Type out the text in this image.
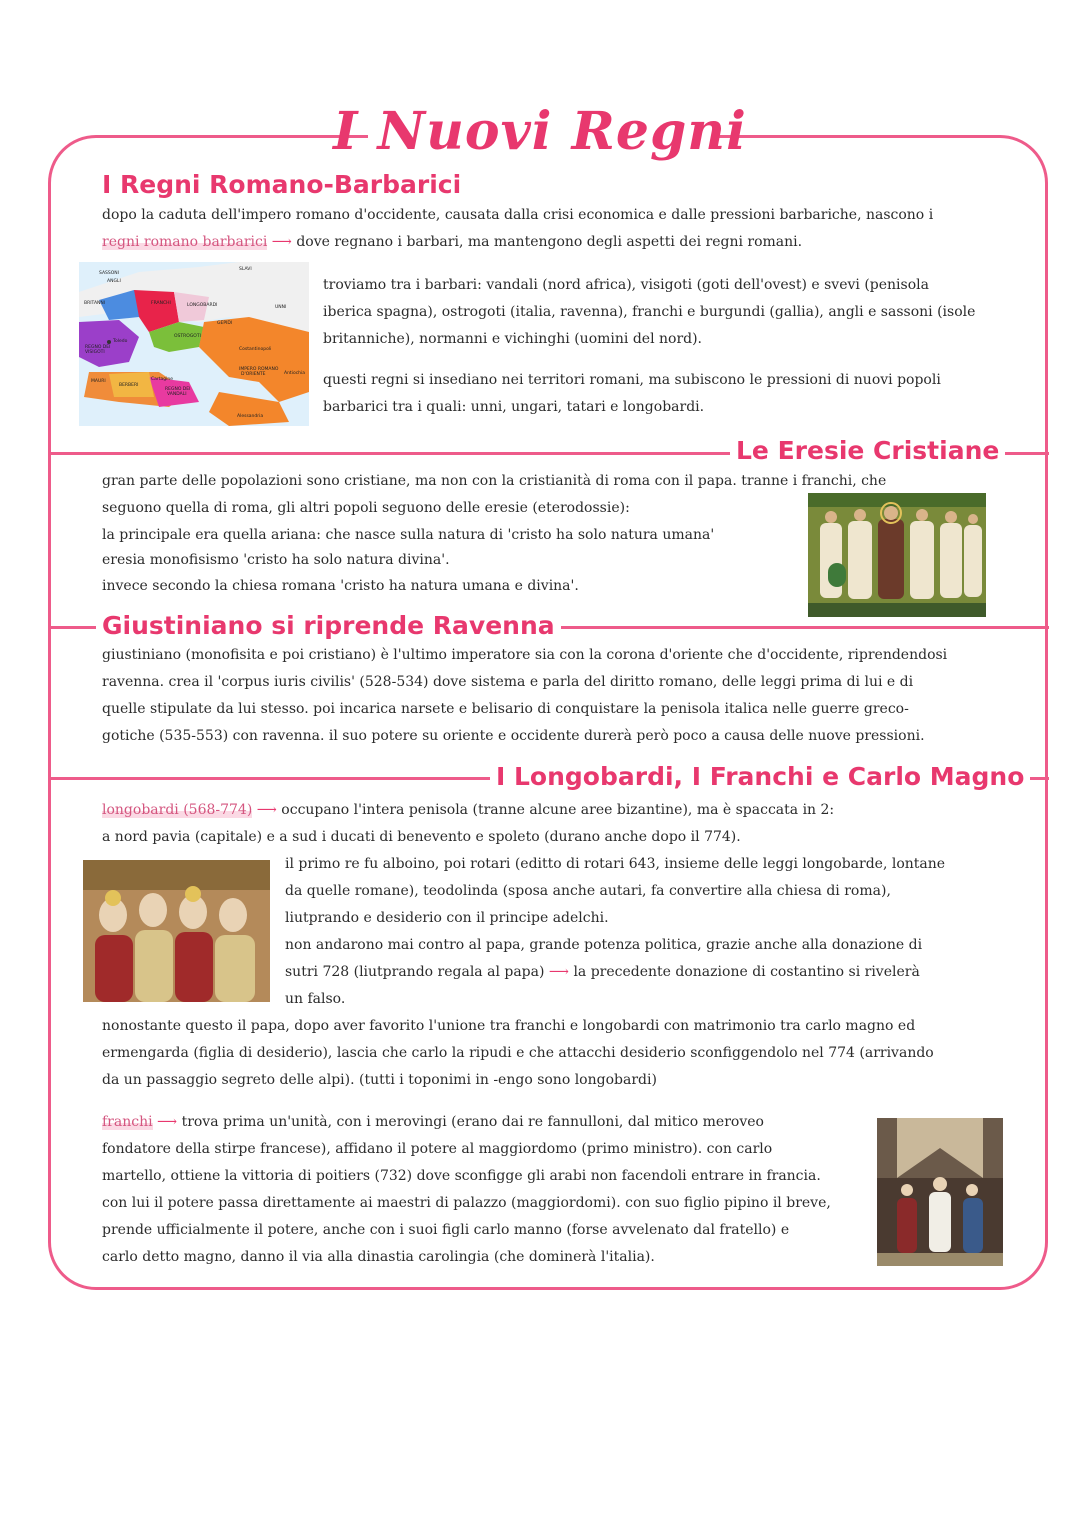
I Nuovi Regni
I Regni Romano-Barbarici
dopo la caduta dell'impero romano d'occidente, causata dalla crisi economica e dalle pressioni barbariche, nascono i
regni romano barbarici ⟶ dove regnano i barbari, ma mantengono degli aspetti dei regni romani.
SASSONI
ANGLI
SLAVI
BRITANNI	FRANCHI	LONGOBARDI
GEPIDI
UNNI
REGNO DEI
VISIGOTI
Toledo
OSTROGOTI
Costantinopoli
IMPERO ROMANO
D'ORIENTE	Antiochia
MAURI
BERBERI
Cartagine
REGNO DEI
VANDALI
Alessandria
troviamo tra i barbari: vandali (nord africa), visigoti (goti dell'ovest) e svevi (penisola iberica spagna), ostrogoti (italia, ravenna), franchi e burgundi (gallia), angli e sassoni (isole britanniche), normanni e vichinghi (uomini del nord).
questi regni si insediano nei territori romani, ma subiscono le pressioni di nuovi popoli barbarici tra i quali: unni, ungari, tatari e longobardi.
Le Eresie Cristiane
gran parte delle popolazioni sono cristiane, ma non con la cristianità di roma con il papa. tranne i franchi, che
seguono quella di roma, gli altri popoli seguono delle eresie (eterodossie):
la principale era quella ariana: che nasce sulla natura di 'cristo ha solo natura umana'
eresia monofisismo 'cristo ha solo natura divina'.
invece secondo la chiesa romana 'cristo ha natura umana e divina'.
Giustiniano si riprende Ravenna
giustiniano (monofisita e poi cristiano) è l'ultimo imperatore sia con la corona d'oriente che d'occidente, riprendendosi
ravenna. crea il 'corpus iuris civilis' (528-534) dove sistema e parla del diritto romano, delle leggi prima di lui e di
quelle stipulate da lui stesso. poi incarica narsete e belisario di conquistare la penisola italica nelle guerre greco-
gotiche (535-553) con ravenna. il suo potere su oriente e occidente durerà però poco a causa delle nuove pressioni.
I Longobardi, I Franchi e Carlo Magno
longobardi (568-774) ⟶ occupano l'intera penisola (tranne alcune aree bizantine), ma è spaccata in 2:
a nord pavia (capitale) e a sud i ducati di benevento e spoleto (durano anche dopo il 774).
il primo re fu alboino, poi rotari (editto di rotari 643, insieme delle leggi longobarde, lontane
da quelle romane), teodolinda (sposa anche autari, fa convertire alla chiesa di roma),
liutprando e desiderio con il principe adelchi.
non andarono mai contro al papa, grande potenza politica, grazie anche alla donazione di
sutri 728 (liutprando regala al papa) ⟶ la precedente donazione di costantino si rivelerà
un falso.
nonostante questo il papa, dopo aver favorito l'unione tra franchi e longobardi con matrimonio tra carlo magno ed
ermengarda (figlia di desiderio), lascia che carlo la ripudi e che attacchi desiderio sconfiggendolo nel 774 (arrivando
da un passaggio segreto delle alpi). (tutti i toponimi in -engo sono longobardi)
franchi ⟶ trova prima un'unità, con i merovingi (erano dai re fannulloni, dal mitico meroveo
fondatore della stirpe francese), affidano il potere al maggiordomo (primo ministro). con carlo
martello, ottiene la vittoria di poitiers (732) dove sconfigge gli arabi non facendoli entrare in francia.
con lui il potere passa direttamente ai maestri di palazzo (maggiordomi). con suo figlio pipino il breve,
prende ufficialmente il potere, anche con i suoi figli carlo manno (forse avvelenato dal fratello) e
carlo detto magno, danno il via alla dinastia carolingia (che dominerà l'italia).
